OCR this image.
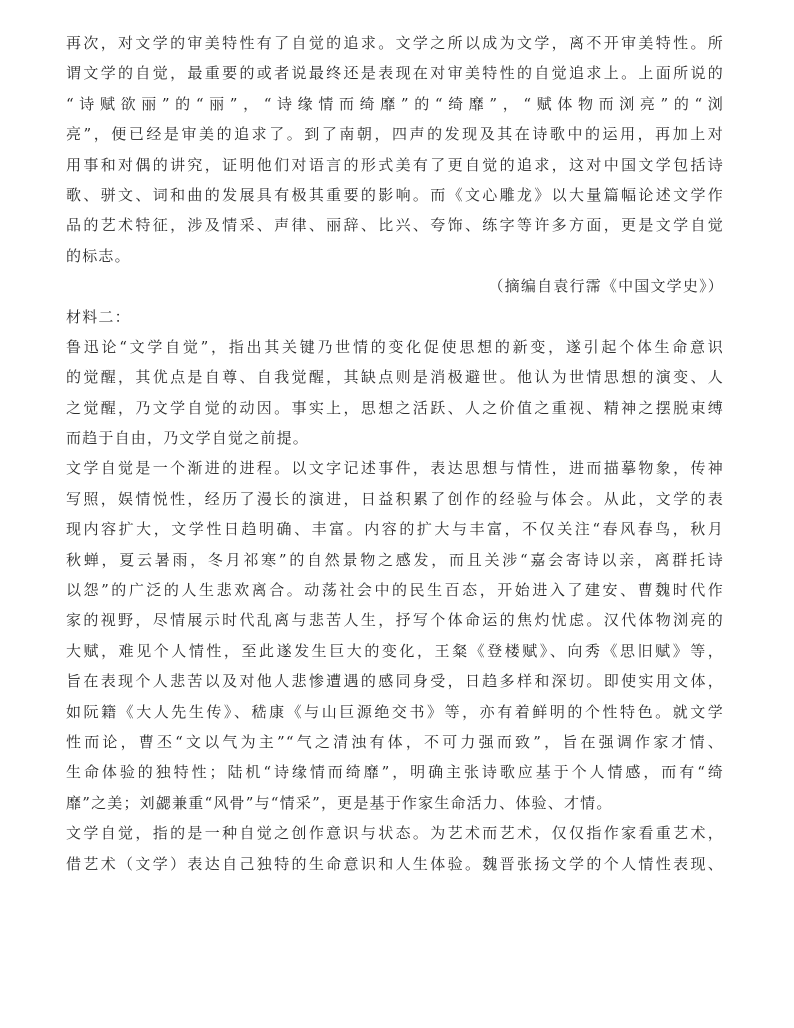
再次，对文学的审美特性有了自觉的追求。文学之所以成为文学，离不开审美特性。所
谓文学的自觉，最重要的或者说最终还是表现在对审美特性的自觉追求上。上面所说的
“诗赋欲丽”的“丽”，“诗缘情而绮靡”的“绮靡”，“赋体物而浏亮”的“浏
亮”，便已经是审美的追求了。到了南朝，四声的发现及其在诗歌中的运用，再加上对
用事和对偶的讲究，证明他们对语言的形式美有了更自觉的追求，这对中国文学包括诗
歌、骈文、词和曲的发展具有极其重要的影响。而《文心雕龙》以大量篇幅论述文学作
品的艺术特征，涉及情采、声律、丽辞、比兴、夸饰、练字等许多方面，更是文学自觉
的标志。
（摘编自袁行霈《中国文学史》）
材料二：
鲁迅论“文学自觉”，指出其关键乃世情的变化促使思想的新变，遂引起个体生命意识
的觉醒，其优点是自尊、自我觉醒，其缺点则是消极避世。他认为世情思想的演变、人
之觉醒，乃文学自觉的动因。事实上，思想之活跃、人之价值之重视、精神之摆脱束缚
而趋于自由，乃文学自觉之前提。
文学自觉是一个渐进的进程。以文字记述事件，表达思想与情性，进而描摹物象，传神
写照，娱情悦性，经历了漫长的演进，日益积累了创作的经验与体会。从此，文学的表
现内容扩大，文学性日趋明确、丰富。内容的扩大与丰富，不仅关注“春风春鸟，秋月
秋蝉，夏云暑雨，冬月祁寒”的自然景物之感发，而且关涉“嘉会寄诗以亲，离群托诗
以怨”的广泛的人生悲欢离合。动荡社会中的民生百态，开始进入了建安、曹魏时代作
家的视野，尽情展示时代乱离与悲苦人生，抒写个体命运的焦灼忧虑。汉代体物浏亮的
大赋，难见个人情性，至此遂发生巨大的变化，王粲《登楼赋》、向秀《思旧赋》等，
旨在表现个人悲苦以及对他人悲惨遭遇的感同身受，日趋多样和深切。即使实用文体，
如阮籍《大人先生传》、嵇康《与山巨源绝交书》等，亦有着鲜明的个性特色。就文学
性而论，曹丕“文以气为主”“气之清浊有体，不可力强而致”，旨在强调作家才情、
生命体验的独特性；陆机“诗缘情而绮靡”，明确主张诗歌应基于个人情感，而有“绮
靡”之美；刘勰兼重“风骨”与“情采”，更是基于作家生命活力、体验、才情。
文学自觉，指的是一种自觉之创作意识与状态。为艺术而艺术，仅仅指作家看重艺术，
借艺术（文学）表达自己独特的生命意识和人生体验。魏晋张扬文学的个人情性表现、
